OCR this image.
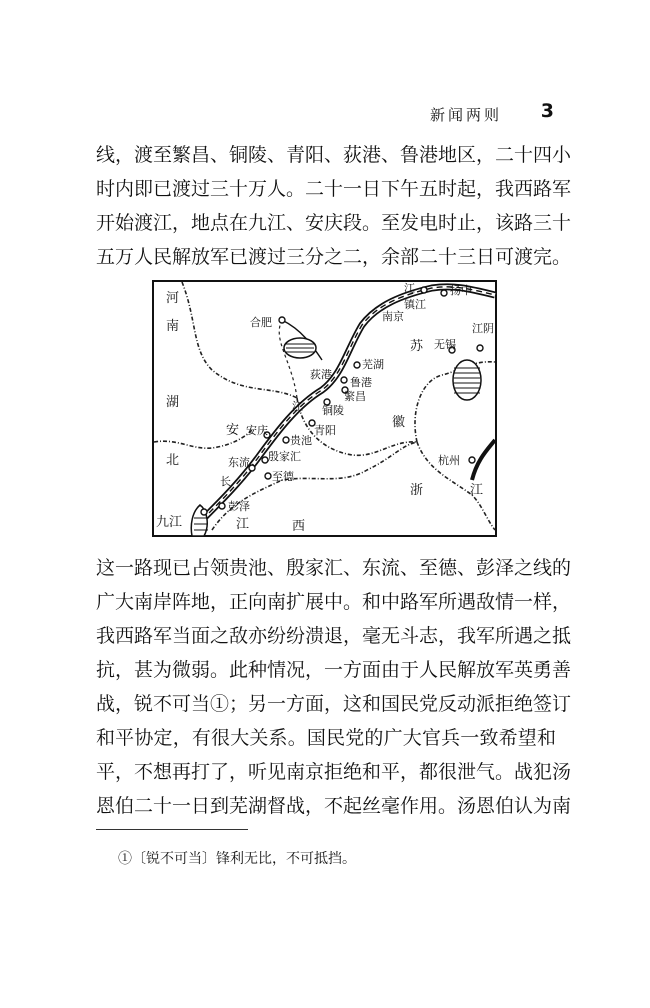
新闻两则 3
线，渡至繁昌、铜陵、青阳、荻港、鲁港地区，二十四小
时内即已渡过三十万人。二十一日下午五时起，我西路军
开始渡江，地点在九江、安庆段。至发电时止，该路三十
五万人民解放军已渡过三分之二，余部二十三日可渡完。
河
南
湖
北
安
徽
苏
浙	江
江	西
长
江
合肥	南京
镇江
江	扬中
江阴
无锡
芜湖
荻港
鲁港
繁昌
铜陵
青阳
安庆
贵池
殷家汇
东流
至德
彭泽
九江
杭州
这一路现已占领贵池、殷家汇、东流、至德、彭泽之线的
广大南岸阵地，正向南扩展中。和中路军所遇敌情一样，
我西路军当面之敌亦纷纷溃退，毫无斗志，我军所遇之抵
抗，甚为微弱。此种情况，一方面由于人民解放军英勇善
战，锐不可当①；另一方面，这和国民党反动派拒绝签订
和平协定，有很大关系。国民党的广大官兵一致希望和
平，不想再打了，听见南京拒绝和平，都很泄气。战犯汤
恩伯二十一日到芜湖督战，不起丝毫作用。汤恩伯认为南
①〔锐不可当〕锋利无比，不可抵挡。
